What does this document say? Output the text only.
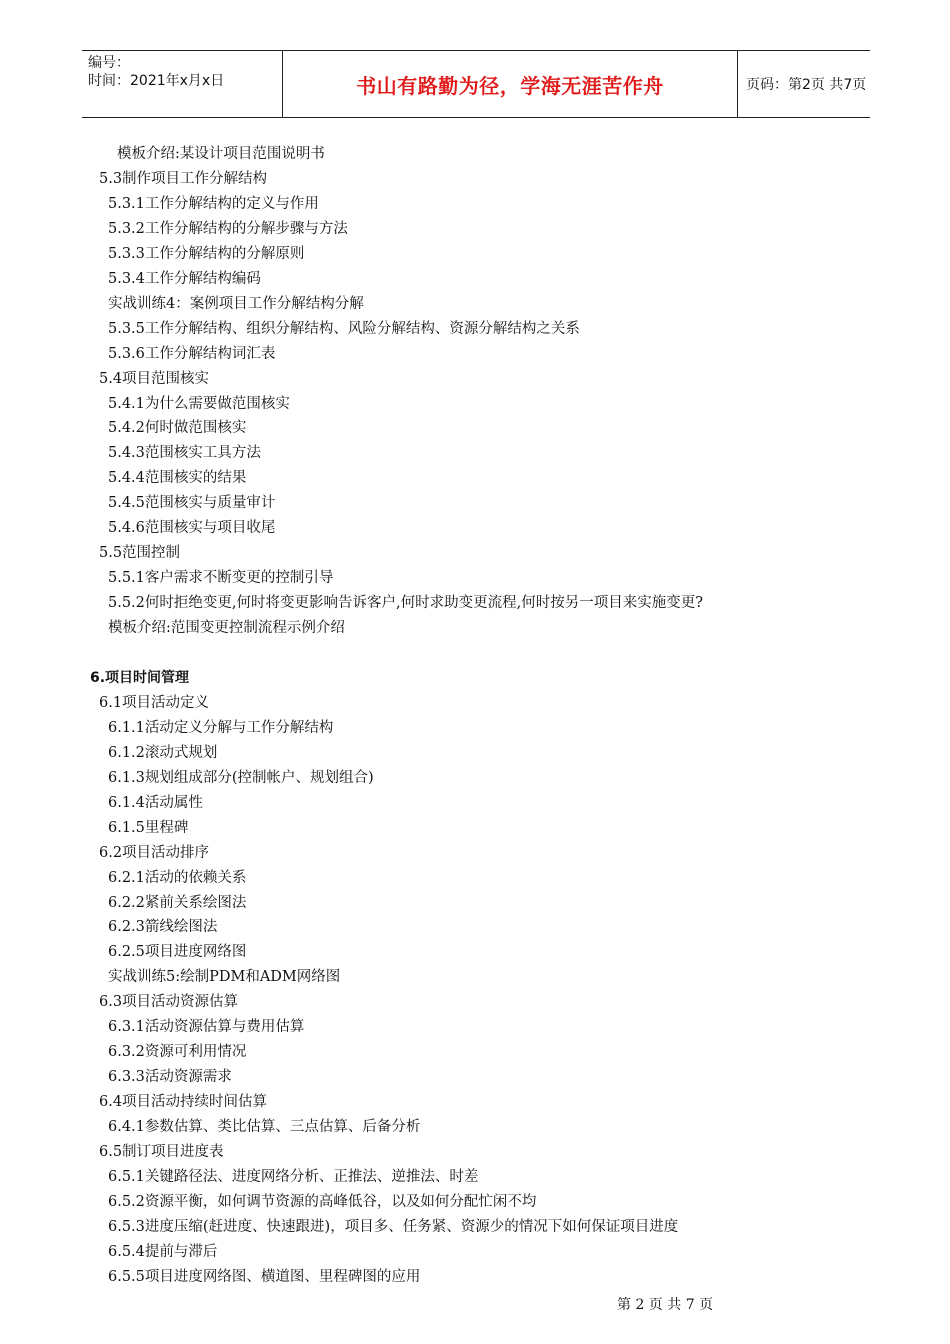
编号：
时间：2021年x月x日	书山有路勤为径，学海无涯苦作舟	页码：第2页 共7页
模板介绍:某设计项目范围说明书
5.3制作项目工作分解结构
5.3.1工作分解结构的定义与作用
5.3.2工作分解结构的分解步骤与方法
5.3.3工作分解结构的分解原则
5.3.4工作分解结构编码
实战训练4：案例项目工作分解结构分解
5.3.5工作分解结构、组织分解结构、风险分解结构、资源分解结构之关系
5.3.6工作分解结构词汇表
5.4项目范围核实
5.4.1为什么需要做范围核实
5.4.2何时做范围核实
5.4.3范围核实工具方法
5.4.4范围核实的结果
5.4.5范围核实与质量审计
5.4.6范围核实与项目收尾
5.5范围控制
5.5.1客户需求不断变更的控制引导
5.5.2何时拒绝变更,何时将变更影响告诉客户,何时求助变更流程,何时按另一项目来实施变更?
模板介绍:范围变更控制流程示例介绍
6.项目时间管理
6.1项目活动定义
6.1.1活动定义分解与工作分解结构
6.1.2滚动式规划
6.1.3规划组成部分(控制帐户、规划组合)
6.1.4活动属性
6.1.5里程碑
6.2项目活动排序
6.2.1活动的依赖关系
6.2.2紧前关系绘图法
6.2.3箭线绘图法
6.2.5项目进度网络图
实战训练5:绘制PDM和ADM网络图
6.3项目活动资源估算
6.3.1活动资源估算与费用估算
6.3.2资源可利用情况
6.3.3活动资源需求
6.4项目活动持续时间估算
6.4.1参数估算、类比估算、三点估算、后备分析
6.5制订项目进度表
6.5.1关键路径法、进度网络分析、正推法、逆推法、时差
6.5.2资源平衡，如何调节资源的高峰低谷，以及如何分配忙闲不均
6.5.3进度压缩(赶进度、快速跟进)，项目多、任务紧、资源少的情况下如何保证项目进度
6.5.4提前与滞后
6.5.5项目进度网络图、横道图、里程碑图的应用
第 2 页 共 7 页
